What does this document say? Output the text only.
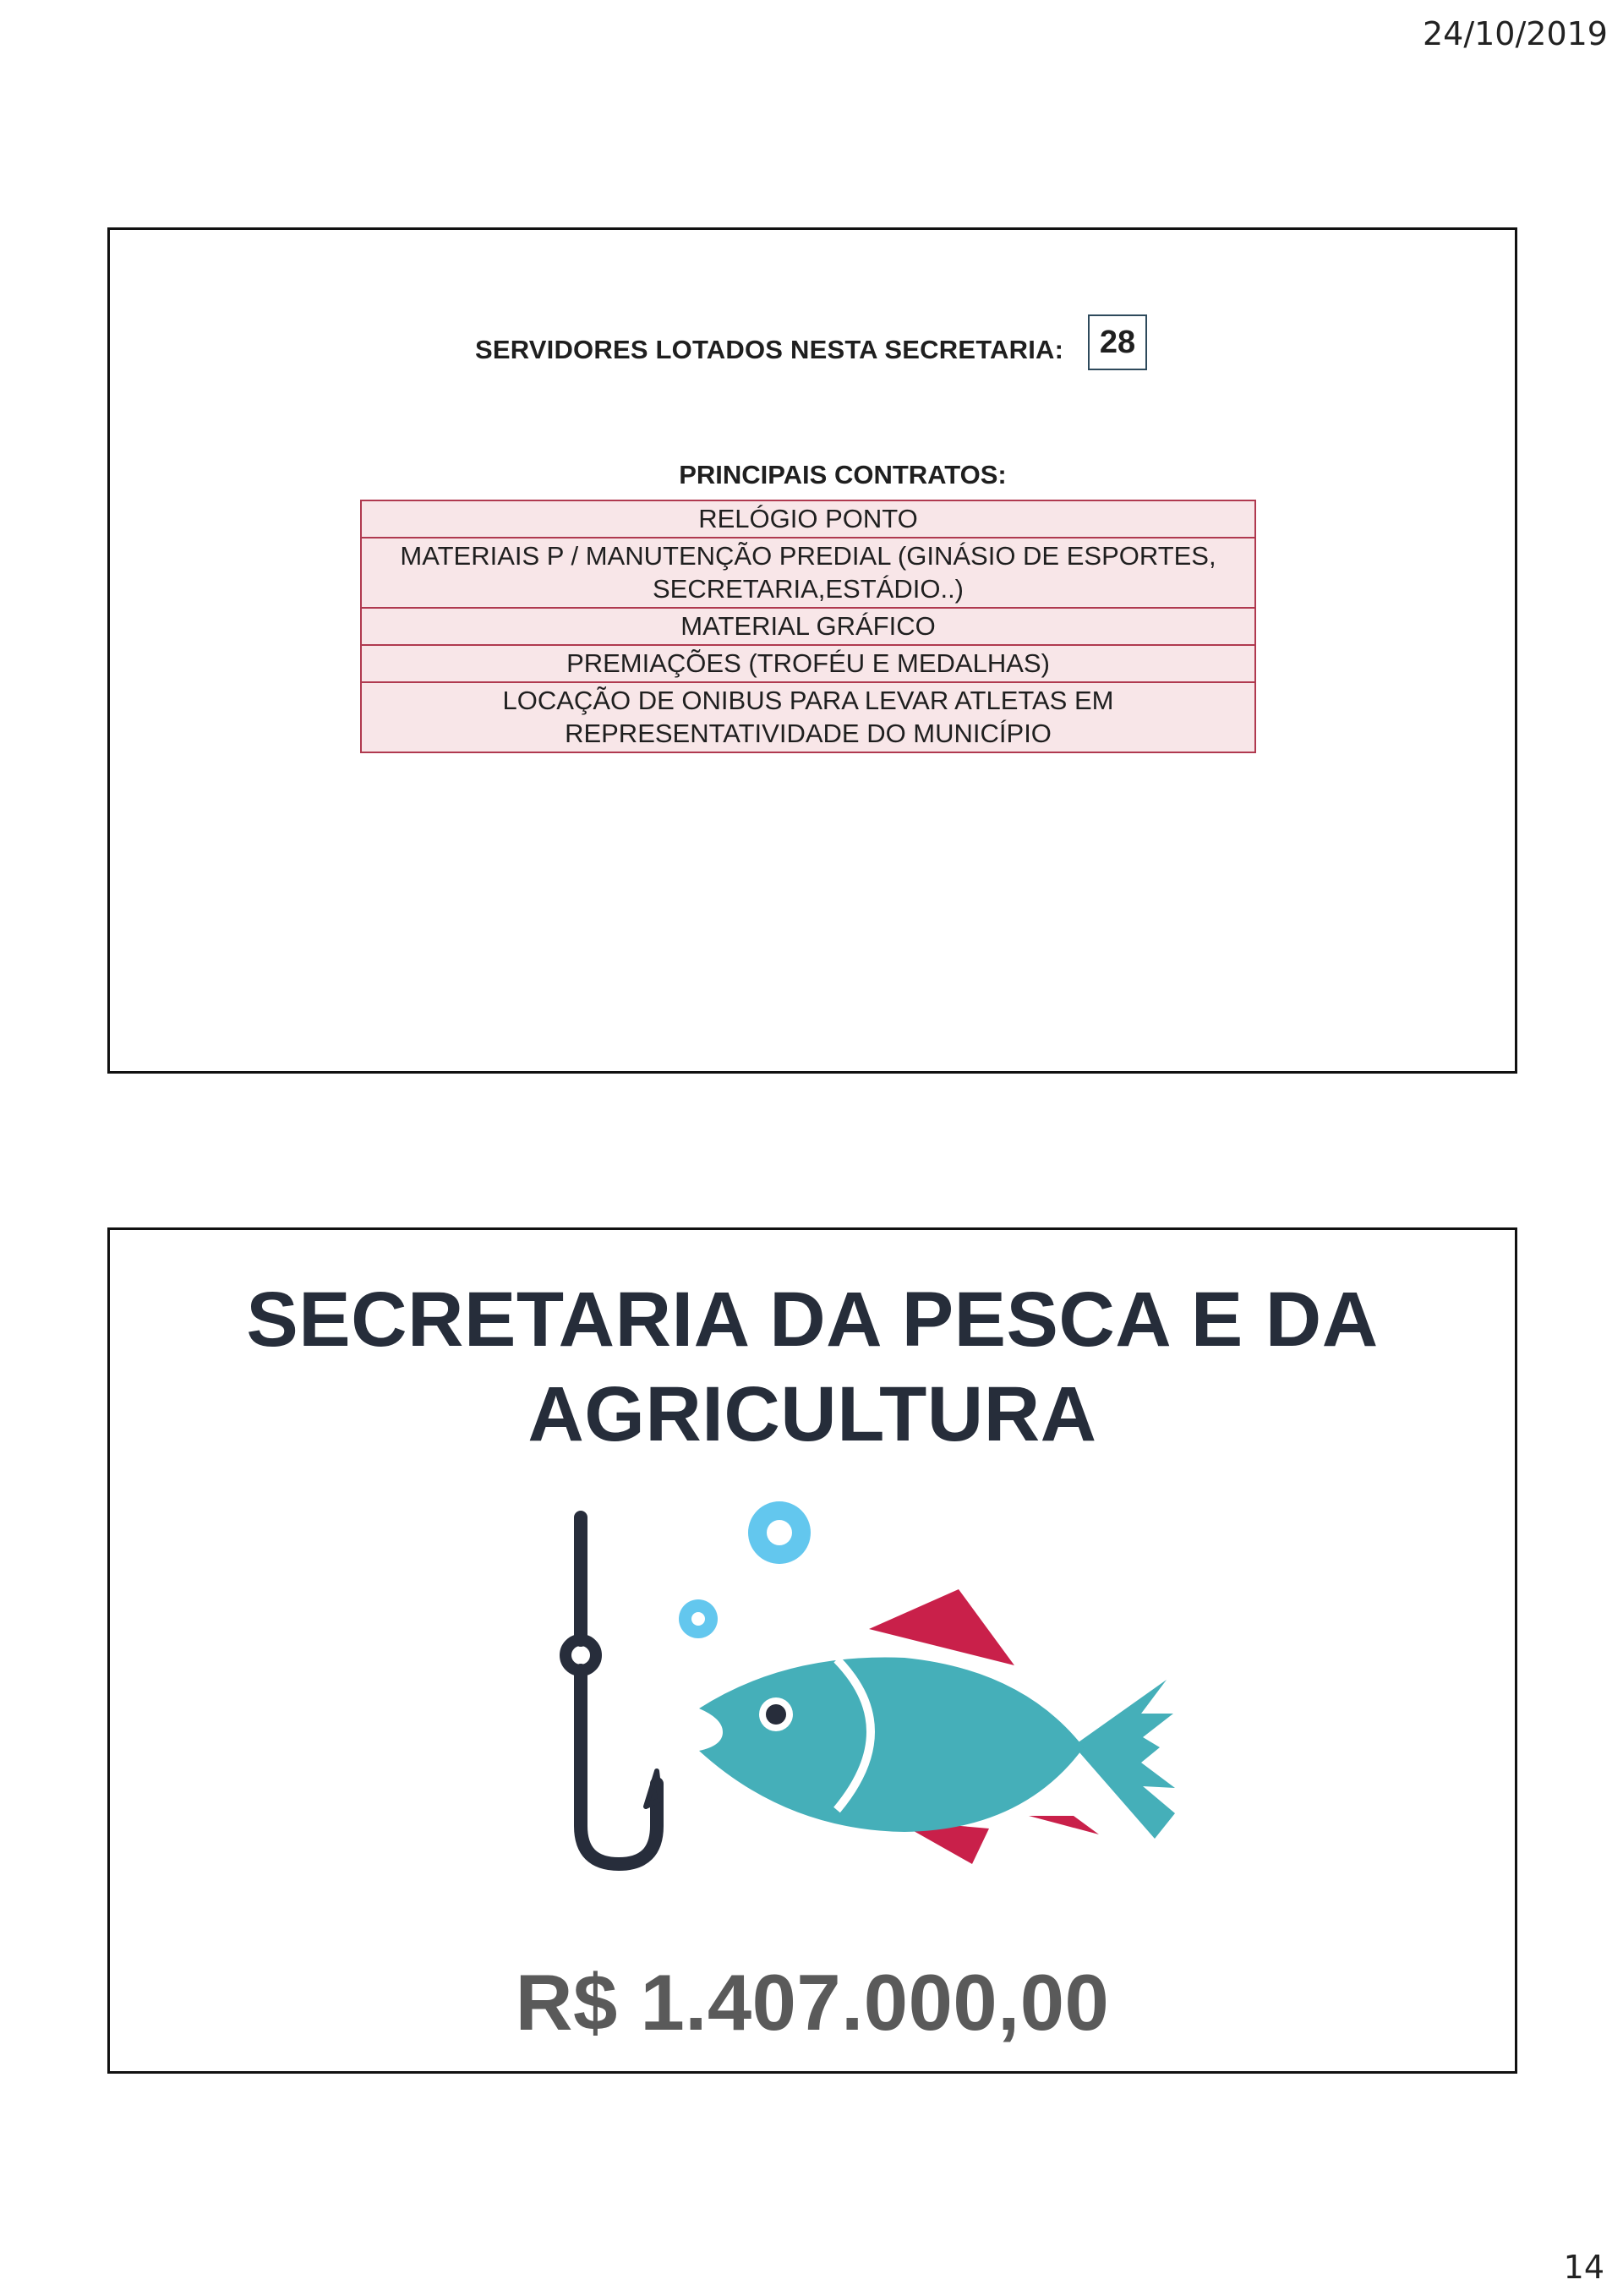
24/10/2019
SERVIDORES LOTADOS NESTA SECRETARIA:	28
PRINCIPAIS CONTRATOS:
RELÓGIO PONTO
MATERIAIS P / MANUTENÇÃO PREDIAL (GINÁSIO DE ESPORTES, SECRETARIA,ESTÁDIO..)
MATERIAL GRÁFICO
PREMIAÇÕES (TROFÉU E MEDALHAS)
LOCAÇÃO DE ONIBUS PARA LEVAR ATLETAS EM REPRESENTATIVIDADE DO MUNICÍPIO
SECRETARIA DA PESCA E DA
AGRICULTURA
R$ 1.407.000,00
14
